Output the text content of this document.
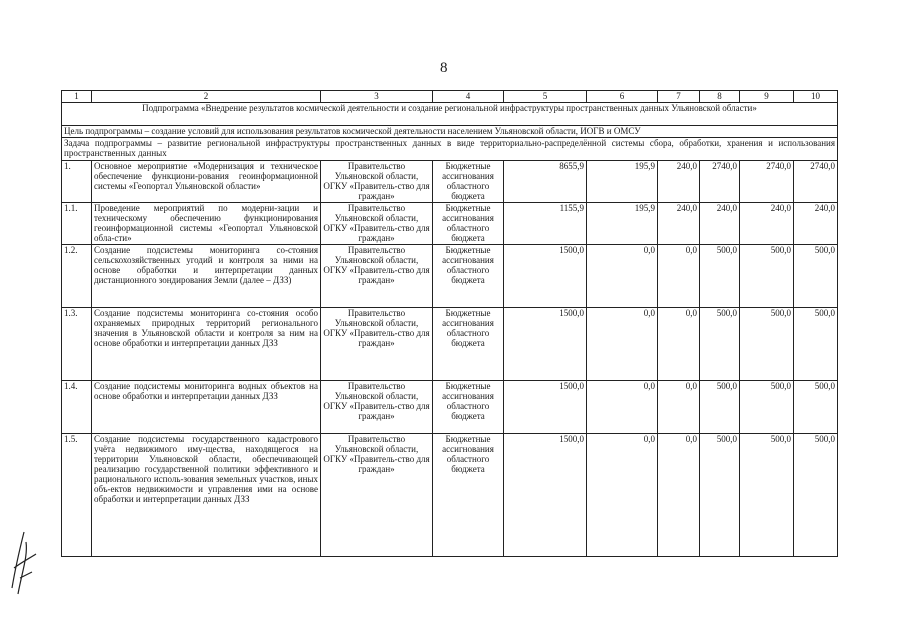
8
1	2	3	4	5	6	7	8	9	10
Подпрограмма «Внедрение результатов космической деятельности и создание региональной инфраструктуры пространственных данных Ульяновской области»									
Цель подпрограммы – создание условий для использования результатов космической деятельности населением Ульяновской области, ИОГВ и ОМСУ									
Задача подпрограммы – развитие региональной инфраструктуры пространственных данных в виде территориально-распределённой системы сбора, обработки, хранения и использования пространственных данных									
1.	Основное мероприятие «Модернизация и техническое обеспечение функциони-рования геоинформационной системы «Геопортал Ульяновской области»	Правительство Ульяновской области, ОГКУ «Правитель-ство для граждан»	Бюджетные ассигнования областного бюджета	8655,9	195,9	240,0	2740,0	2740,0	2740,0
1.1.	Проведение мероприятий по модерни-зации и техническому обеспечению функционирования геоинформационной системы «Геопортал Ульяновской обла-сти»	Правительство Ульяновской области, ОГКУ «Правитель-ство для граждан»	Бюджетные ассигнования областного бюджета	1155,9	195,9	240,0	240,0	240,0	240,0
1.2.	Создание подсистемы мониторинга со-стояния сельскохозяйственных угодий и контроля за ними на основе обработки и интерпретации данных дистанционного зондирования Земли (далее – ДЗЗ)	Правительство Ульяновской области, ОГКУ «Правитель-ство для граждан»	Бюджетные ассигнования областного бюджета	1500,0	0,0	0,0	500,0	500,0	500,0
1.3.	Создание подсистемы мониторинга со-стояния особо охраняемых природных территорий регионального значения в Ульяновской области и контроля за ним на основе обработки и интерпретации данных ДЗЗ	Правительство Ульяновской области, ОГКУ «Правитель-ство для граждан»	Бюджетные ассигнования областного бюджета	1500,0	0,0	0,0	500,0	500,0	500,0
1.4.	Создание подсистемы мониторинга водных объектов на основе обработки и интерпретации данных ДЗЗ	Правительство Ульяновской области, ОГКУ «Правитель-ство для граждан»	Бюджетные ассигнования областного бюджета	1500,0	0,0	0,0	500,0	500,0	500,0
1.5.	Создание подсистемы государственного кадастрового учёта недвижимого иму-щества, находящегося на территории Ульяновской области, обеспечивающей реализацию государственной политики эффективного и рационального исполь-зования земельных участков, иных объ-ектов недвижимости и управления ими на основе обработки и интерпретации данных ДЗЗ	Правительство Ульяновской области, ОГКУ «Правитель-ство для граждан»	Бюджетные ассигнования областного бюджета	1500,0	0,0	0,0	500,0	500,0	500,0
